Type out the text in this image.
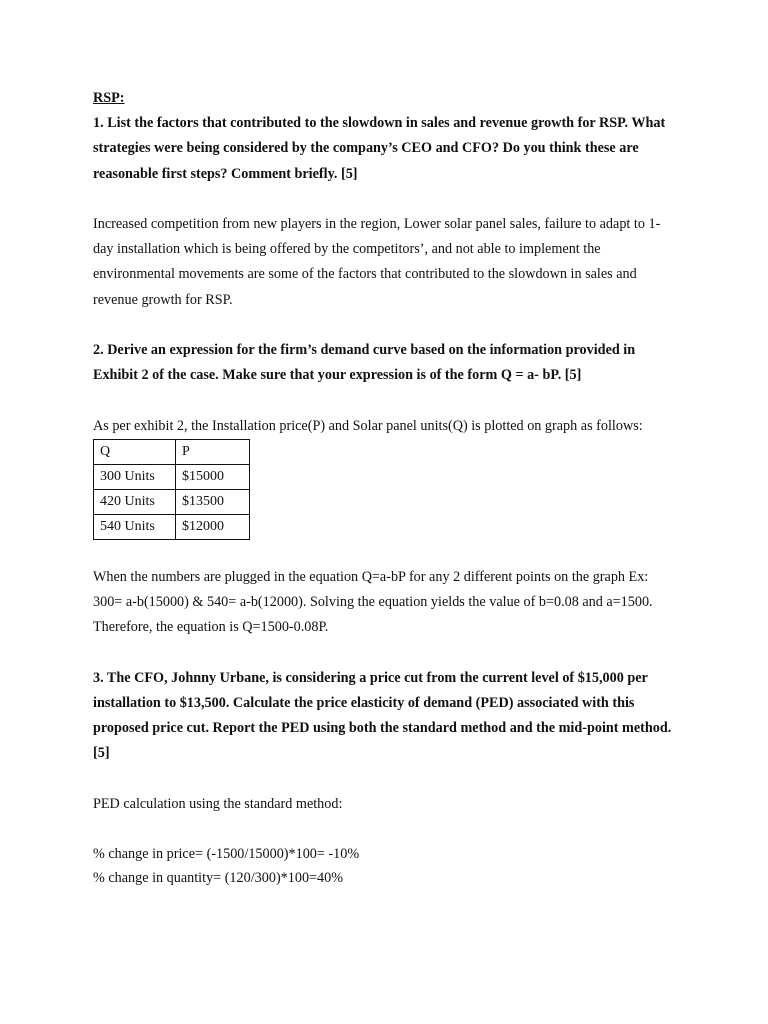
RSP:

1. List the factors that contributed to the slowdown in sales and revenue growth for RSP. What strategies were being considered by the company’s CEO and CFO? Do you think these are reasonable first steps? Comment briefly. [5]

Increased competition from new players in the region, Lower solar panel sales, failure to adapt to 1-day installation which is being offered by the competitors’, and not able to implement the environmental movements are some of the factors that contributed to the slowdown in sales and revenue growth for RSP.

2. Derive an expression for the firm’s demand curve based on the information provided in Exhibit 2 of the case. Make sure that your expression is of the form Q = a- bP. [5]

As per exhibit 2, the Installation price(P) and Solar panel units(Q) is plotted on graph as follows:

Q	P
300 Units	$15000
420 Units	$13500
540 Units	$12000

When the numbers are plugged in the equation Q=a-bP for any 2 different points on the graph Ex: 300= a-b(15000) & 540= a-b(12000). Solving the equation yields the value of b=0.08 and a=1500. Therefore, the equation is Q=1500-0.08P.

3. The CFO, Johnny Urbane, is considering a price cut from the current level of $15,000 per installation to $13,500. Calculate the price elasticity of demand (PED) associated with this proposed price cut. Report the PED using both the standard method and the mid-point method. [5]

PED calculation using the standard method:

% change in price= (-1500/15000)*100= -10%

% change in quantity= (120/300)*100=40%
